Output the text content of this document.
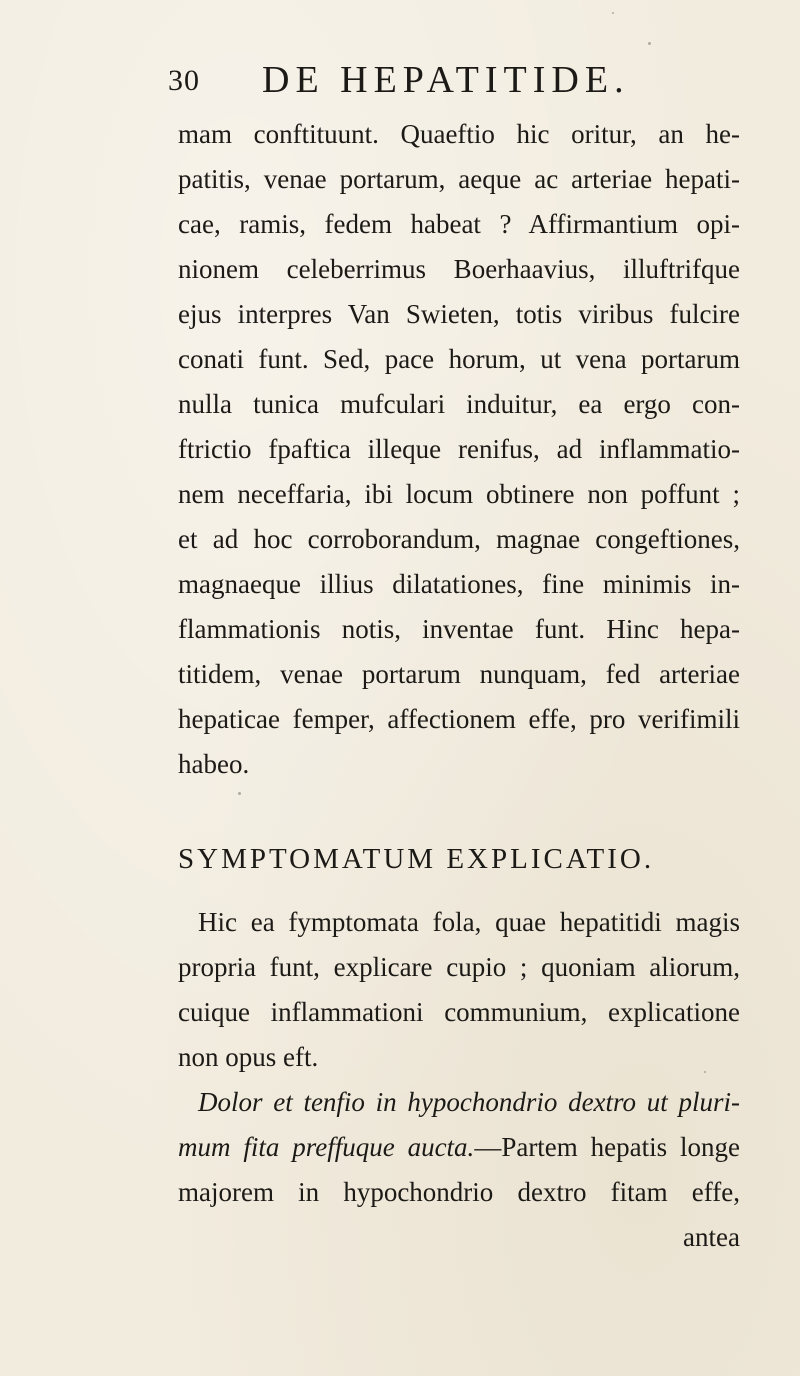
30 DE HEPATITIDE.
mam conftituunt. Quaeftio hic oritur, an he-
patitis, venae portarum, aeque ac arteriae hepati-
cae, ramis, fedem habeat ? Affirmantium opi-
nionem celeberrimus Boerhaavius, illuftrifque
ejus interpres Van Swieten, totis viribus fulcire
conati funt. Sed, pace horum, ut vena portarum
nulla tunica mufculari induitur, ea ergo con-
ftrictio fpaftica illeque renifus, ad inflammatio-
nem neceffaria, ibi locum obtinere non poffunt ;
et ad hoc corroborandum, magnae congeftiones,
magnaeque illius dilatationes, fine minimis in-
flammationis notis, inventae funt. Hinc hepa-
titidem, venae portarum nunquam, fed arteriae
hepaticae femper, affectionem effe, pro verifimili
habeo.
SYMPTOMATUM EXPLICATIO.
Hic ea fymptomata fola, quae hepatitidi magis
propria funt, explicare cupio ; quoniam aliorum,
cuique inflammationi communium, explicatione
non opus eft.
Dolor et tenfio in hypochondrio dextro ut pluri-
mum fita preffuque aucta.—Partem hepatis longe
majorem in hypochondrio dextro fitam effe,
antea
